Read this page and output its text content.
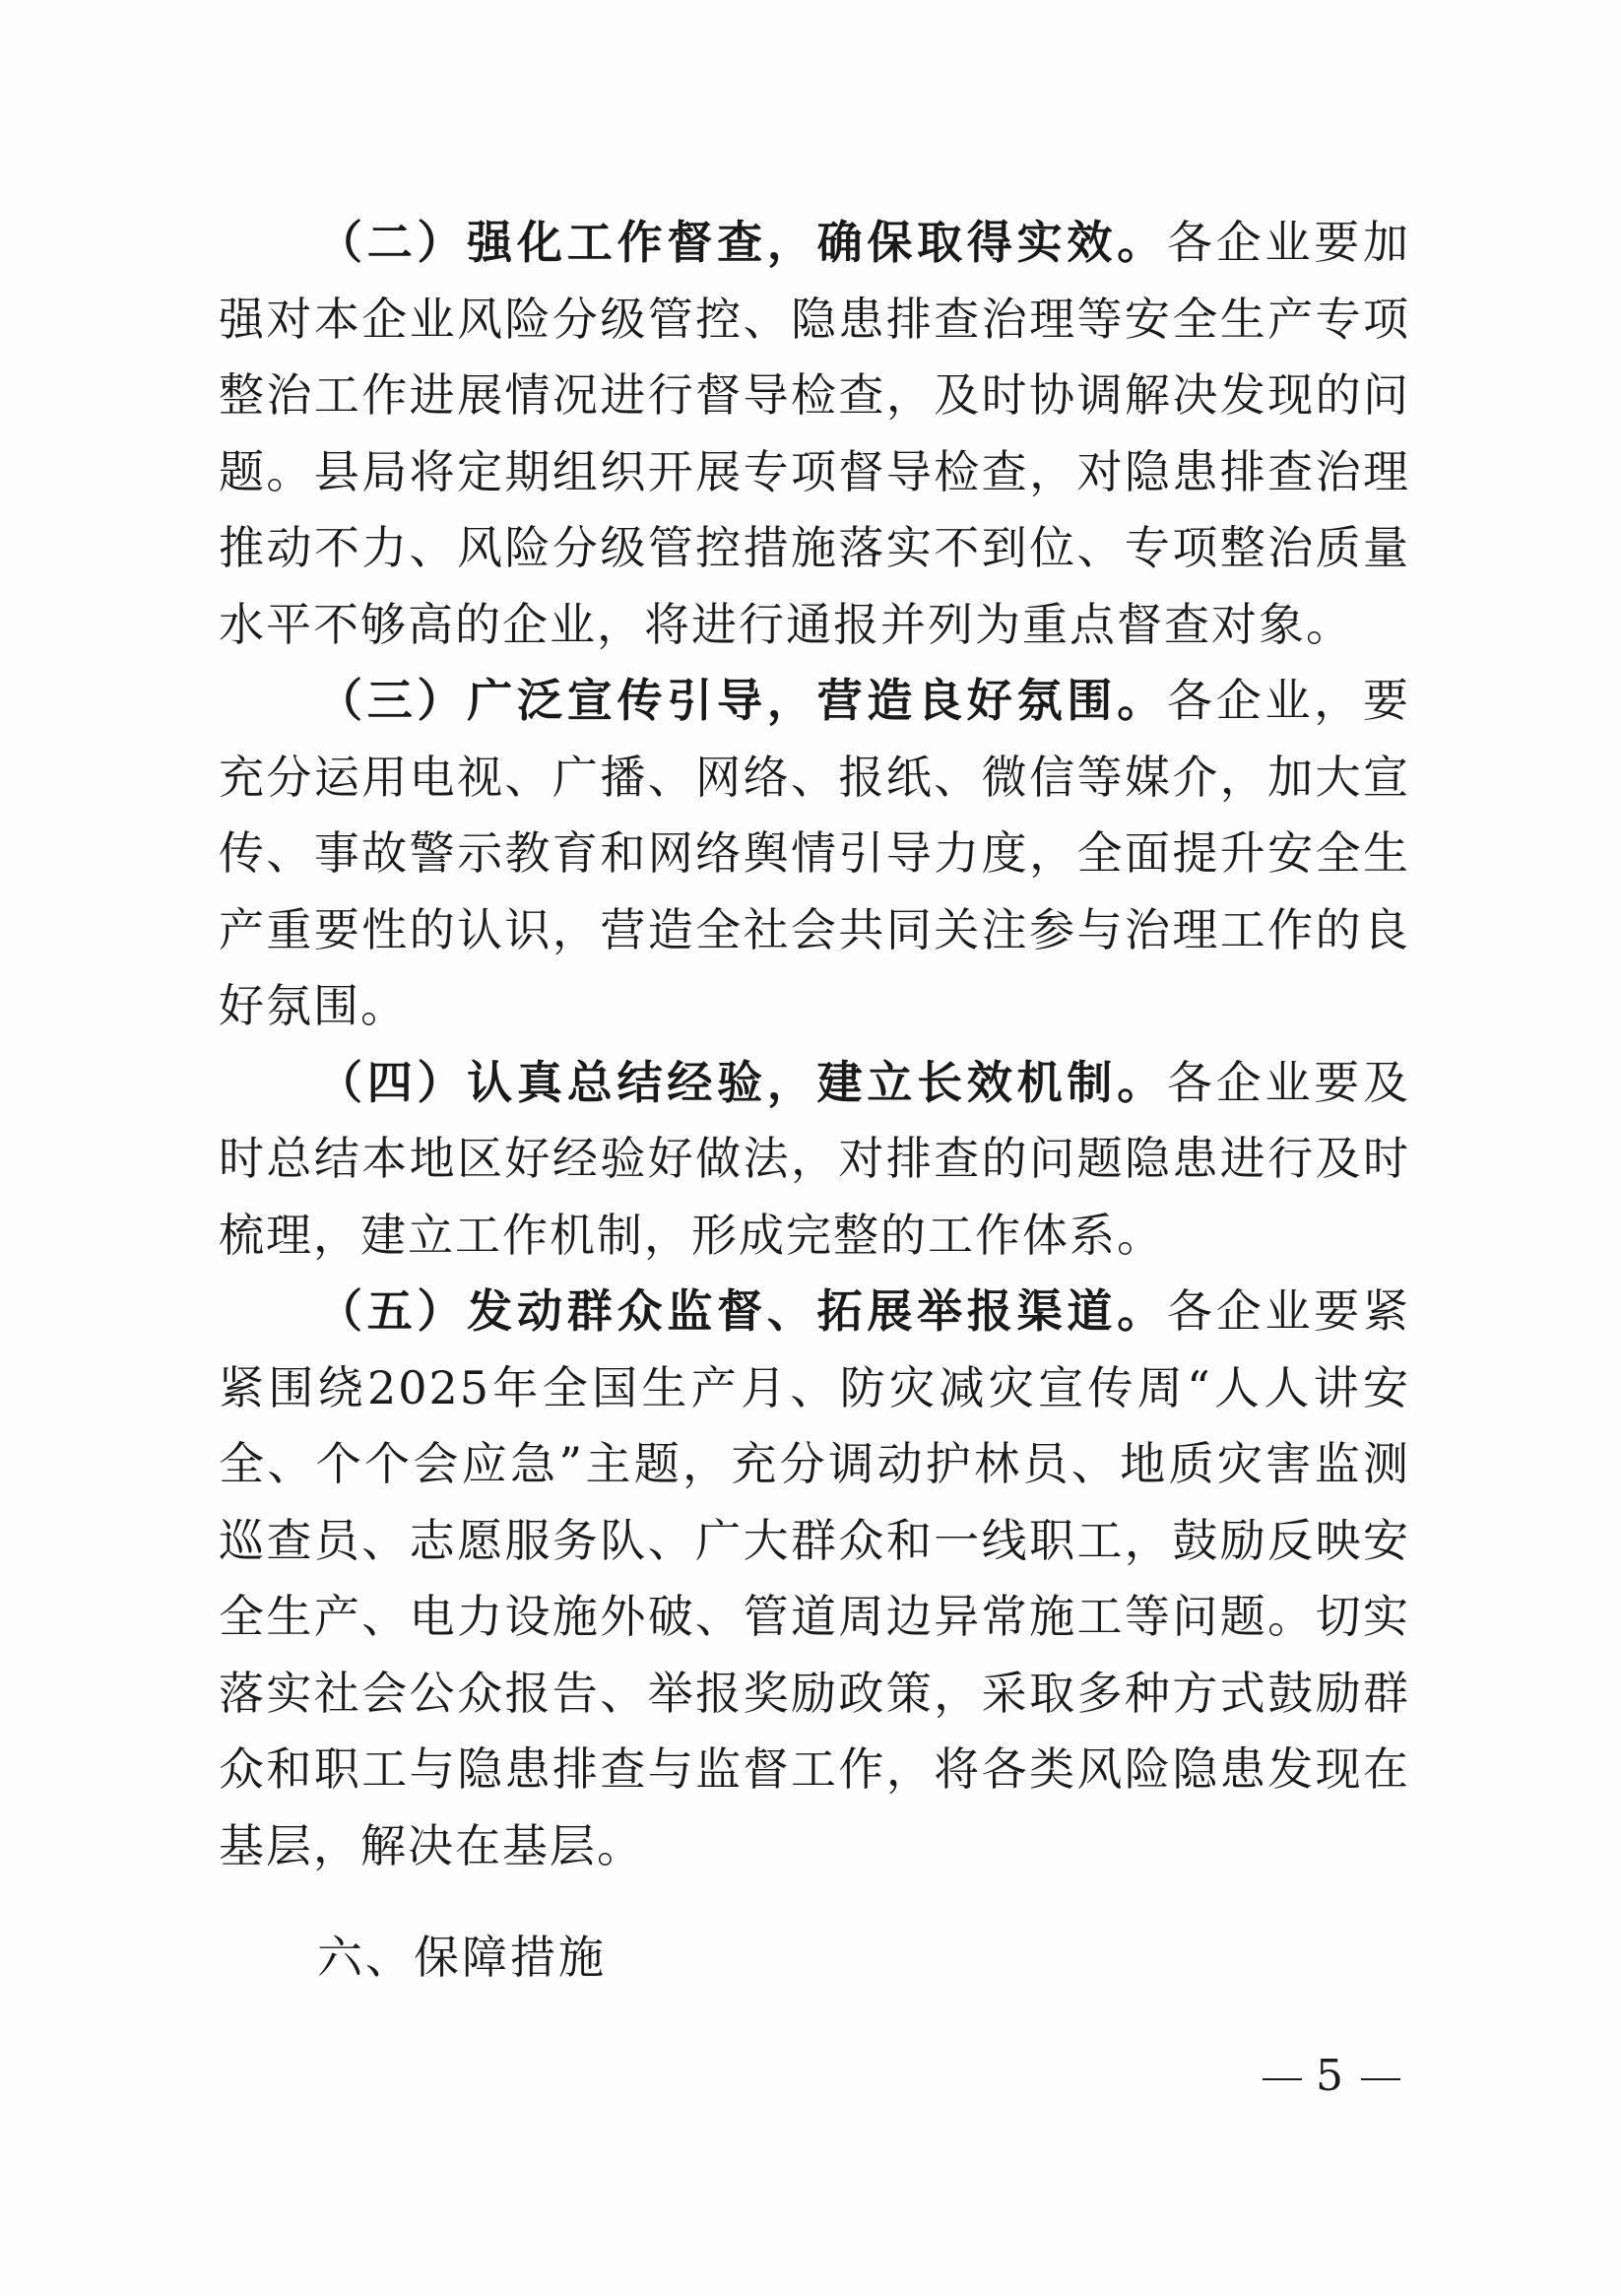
（二）强化工作督查，确保取得实效。各企业要加强对本企业风险分级管控、隐患排查治理等安全生产专项整治工作进展情况进行督导检查，及时协调解决发现的问题。县局将定期组织开展专项督导检查，对隐患排查治理推动不力、风险分级管控措施落实不到位、专项整治质量水平不够高的企业，将进行通报并列为重点督查对象。

（三）广泛宣传引导，营造良好氛围。各企业，要充分运用电视、广播、网络、报纸、微信等媒介，加大宣传、事故警示教育和网络舆情引导力度，全面提升安全生产重要性的认识，营造全社会共同关注参与治理工作的良好氛围。

（四）认真总结经验，建立长效机制。各企业要及时总结本地区好经验好做法，对排查的问题隐患进行及时梳理，建立工作机制，形成完整的工作体系。

（五）发动群众监督、拓展举报渠道。各企业要紧紧围绕2025年全国生产月、防灾减灾宣传周“人人讲安全、个个会应急”主题，充分调动护林员、地质灾害监测巡查员、志愿服务队、广大群众和一线职工，鼓励反映安全生产、电力设施外破、管道周边异常施工等问题。切实落实社会公众报告、举报奖励政策，采取多种方式鼓励群众和职工与隐患排查与监督工作，将各类风险隐患发现在基层，解决在基层。

六、保障措施

5
